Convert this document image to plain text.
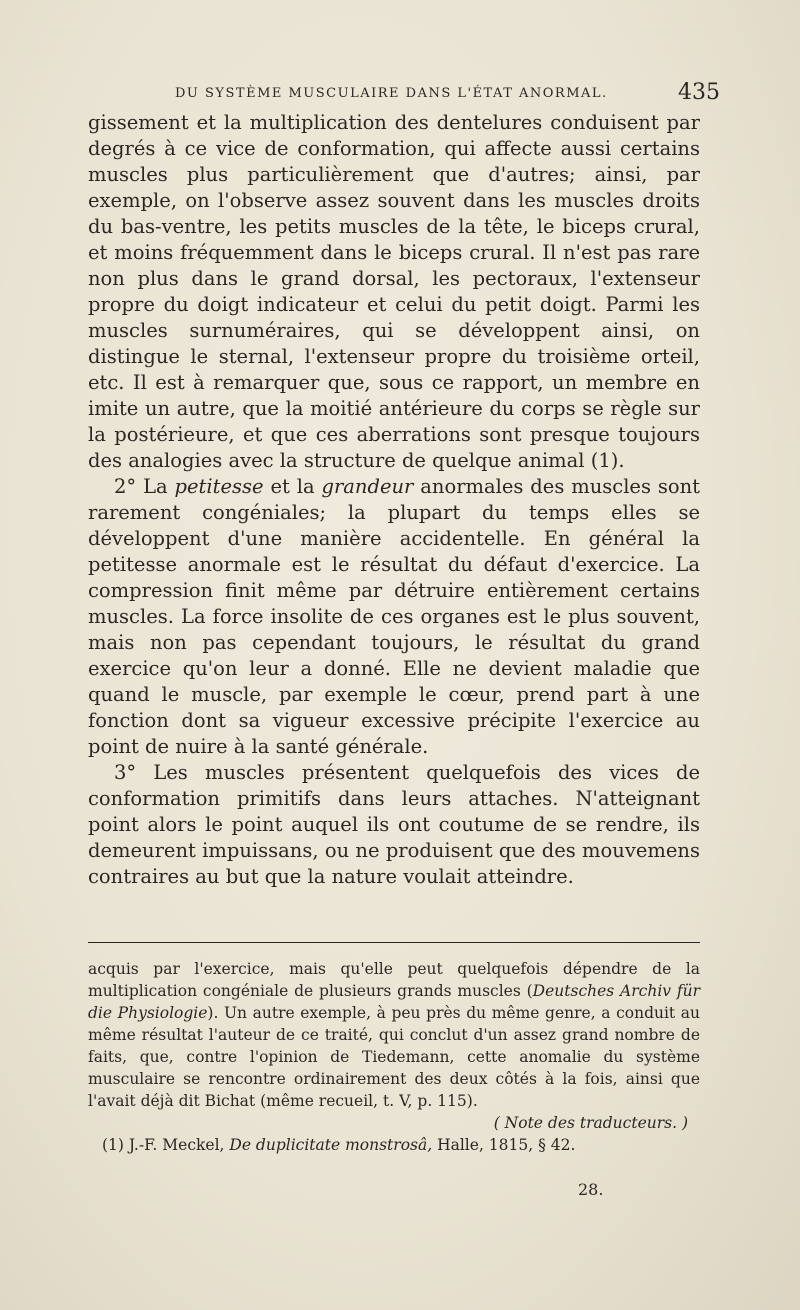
DU SYSTÈME MUSCULAIRE DANS L'ÉTAT ANORMAL.	435

gissement et la multiplication des dentelures conduisent par degrés à ce vice de conformation, qui affecte aussi certains muscles plus particulièrement que d'autres; ainsi, par exemple, on l'observe assez souvent dans les muscles droits du bas-ventre, les petits muscles de la tête, le biceps crural, et moins fréquemment dans le biceps crural. Il n'est pas rare non plus dans le grand dorsal, les pectoraux, l'extenseur propre du doigt indicateur et celui du petit doigt. Parmi les muscles surnuméraires, qui se développent ainsi, on distingue le sternal, l'extenseur propre du troisième orteil, etc. Il est à remarquer que, sous ce rapport, un membre en imite un autre, que la moitié antérieure du corps se règle sur la postérieure, et que ces aberrations sont presque toujours des analogies avec la structure de quelque animal (1).

2° La petitesse et la grandeur anormales des muscles sont rarement congéniales; la plupart du temps elles se développent d'une manière accidentelle. En général la petitesse anormale est le résultat du défaut d'exercice. La compression finit même par détruire entièrement certains muscles. La force insolite de ces organes est le plus souvent, mais non pas cependant toujours, le résultat du grand exercice qu'on leur a donné. Elle ne devient maladie que quand le muscle, par exemple le cœur, prend part à une fonction dont sa vigueur excessive précipite l'exercice au point de nuire à la santé générale.

3° Les muscles présentent quelquefois des vices de conformation primitifs dans leurs attaches. N'atteignant point alors le point auquel ils ont coutume de se rendre, ils demeurent impuissans, ou ne produisent que des mouvemens contraires au but que la nature voulait atteindre.

acquis par l'exercice, mais qu'elle peut quelquefois dépendre de la multiplication congéniale de plusieurs grands muscles (Deutsches Archiv für die Physiologie). Un autre exemple, à peu près du même genre, a conduit au même résultat l'auteur de ce traité, qui conclut d'un assez grand nombre de faits, que, contre l'opinion de Tiedemann, cette anomalie du système musculaire se rencontre ordinairement des deux côtés à la fois, ainsi que l'avait déjà dit Bichat (même recueil, t. V, p. 115).

( Note des traducteurs. )

(1) J.-F. Meckel, De duplicitate monstrosâ, Halle, 1815, § 42.

28.
